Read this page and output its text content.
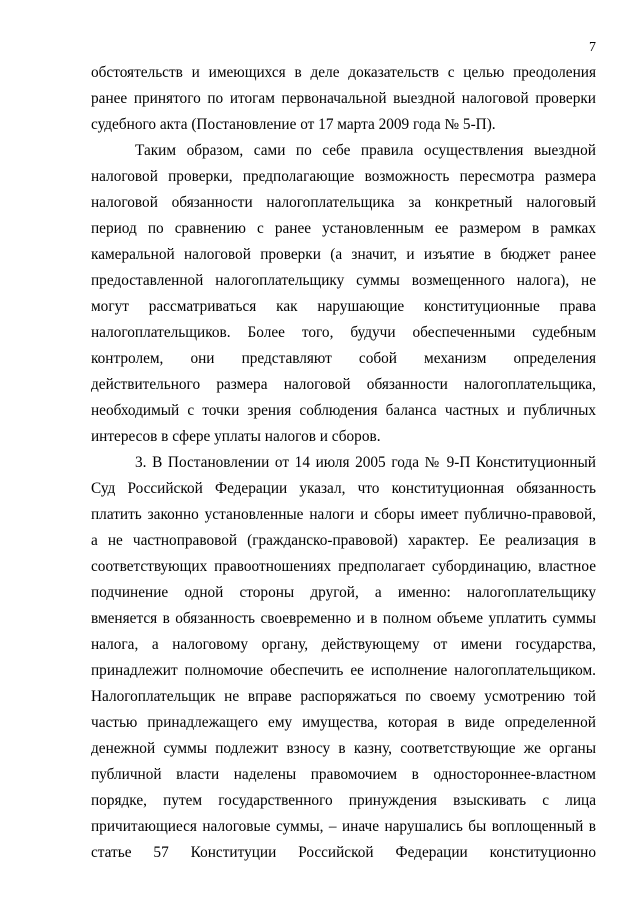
7
обстоятельств и имеющихся в деле доказательств с целью преодоления
ранее принятого по итогам первоначальной выездной налоговой проверки
судебного акта (Постановление от 17 марта 2009 года № 5-П).
Таким образом, сами по себе правила осуществления выездной
налоговой проверки, предполагающие возможность пересмотра размера
налоговой обязанности налогоплательщика за конкретный налоговый
период по сравнению с ранее установленным ее размером в рамках
камеральной налоговой проверки (а значит, и изъятие в бюджет ранее
предоставленной налогоплательщику суммы возмещенного налога), не
могут рассматриваться как нарушающие конституционные права
налогоплательщиков. Более того, будучи обеспеченными судебным
контролем, они представляют собой механизм определения
действительного размера налоговой обязанности налогоплательщика,
необходимый с точки зрения соблюдения баланса частных и публичных
интересов в сфере уплаты налогов и сборов.
3. В Постановлении от 14 июля 2005 года № 9-П Конституционный
Суд Российской Федерации указал, что конституционная обязанность
платить законно установленные налоги и сборы имеет публично-правовой,
а не частноправовой (гражданско-правовой) характер. Ее реализация в
соответствующих правоотношениях предполагает субординацию, властное
подчинение одной стороны другой, а именно: налогоплательщику
вменяется в обязанность своевременно и в полном объеме уплатить суммы
налога, а налоговому органу, действующему от имени государства,
принадлежит полномочие обеспечить ее исполнение налогоплательщиком.
Налогоплательщик не вправе распоряжаться по своему усмотрению той
частью принадлежащего ему имущества, которая в виде определенной
денежной суммы подлежит взносу в казну, соответствующие же органы
публичной власти наделены правомочием в одностороннее-властном
порядке, путем государственного принуждения взыскивать с лица
причитающиеся налоговые суммы, – иначе нарушались бы воплощенный в
статье 57 Конституции Российской Федерации конституционно
